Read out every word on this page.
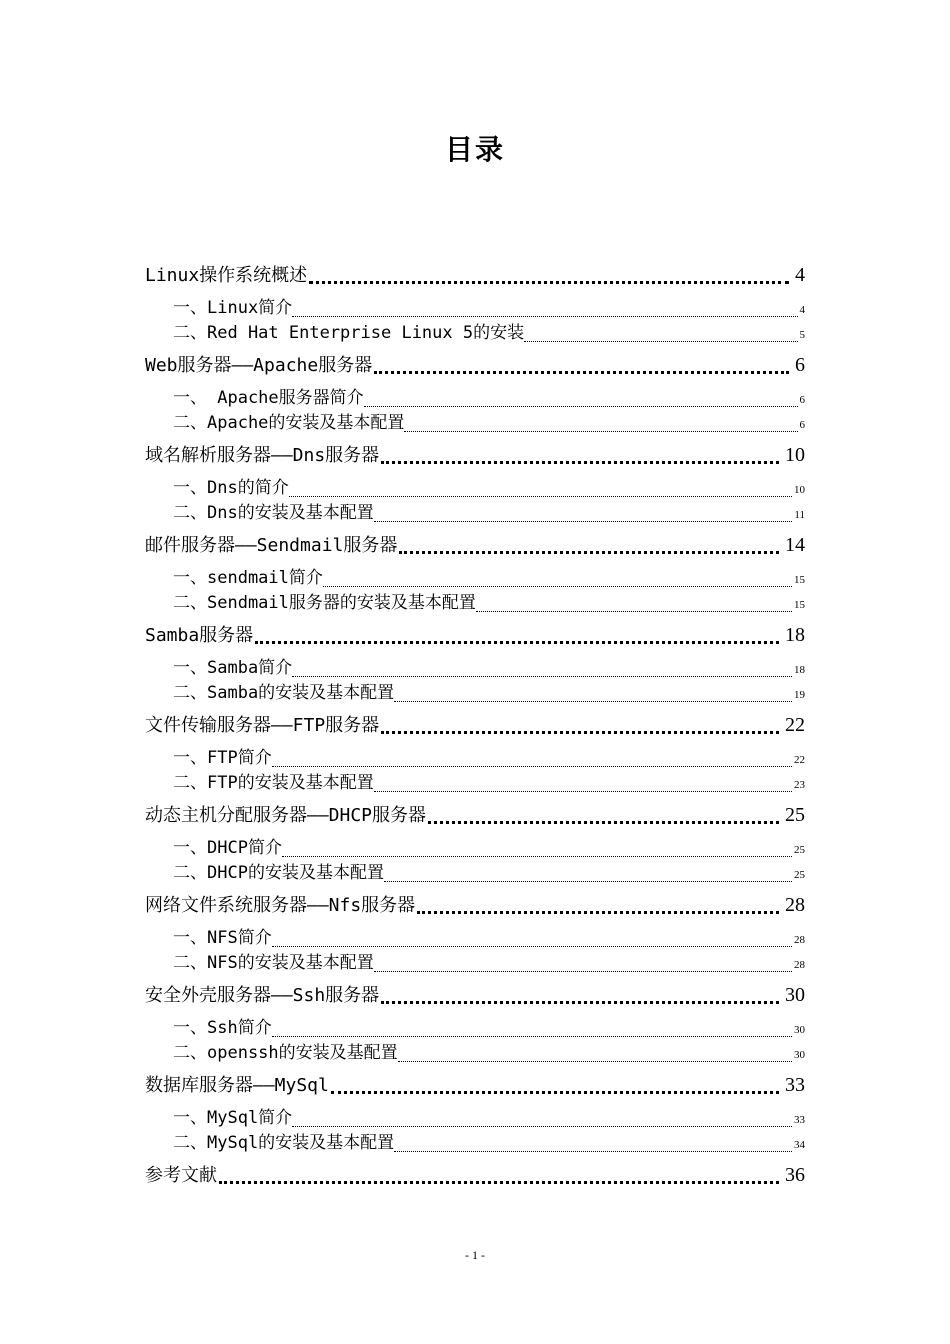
目录
Linux操作系统概述	4
一、Linux简介	4
二、Red Hat Enterprise Linux 5的安装	5
Web服务器——Apache服务器	6
一、 Apache服务器简介	6
二、Apache的安装及基本配置	6
域名解析服务器——Dns服务器	10
一、Dns的简介	10
二、Dns的安装及基本配置	11
邮件服务器——Sendmail服务器	14
一、sendmail简介	15
二、Sendmail服务器的安装及基本配置	15
Samba服务器	18
一、Samba简介	18
二、Samba的安装及基本配置	19
文件传输服务器——FTP服务器	22
一、FTP简介	22
二、FTP的安装及基本配置	23
动态主机分配服务器——DHCP服务器	25
一、DHCP简介	25
二、DHCP的安装及基本配置	25
网络文件系统服务器——Nfs服务器	28
一、NFS简介	28
二、NFS的安装及基本配置	28
安全外壳服务器——Ssh服务器	30
一、Ssh简介	30
二、openssh的安装及基配置	30
数据库服务器——MySql	33
一、MySql简介	33
二、MySql的安装及基本配置	34
参考文献	36
- 1 -
